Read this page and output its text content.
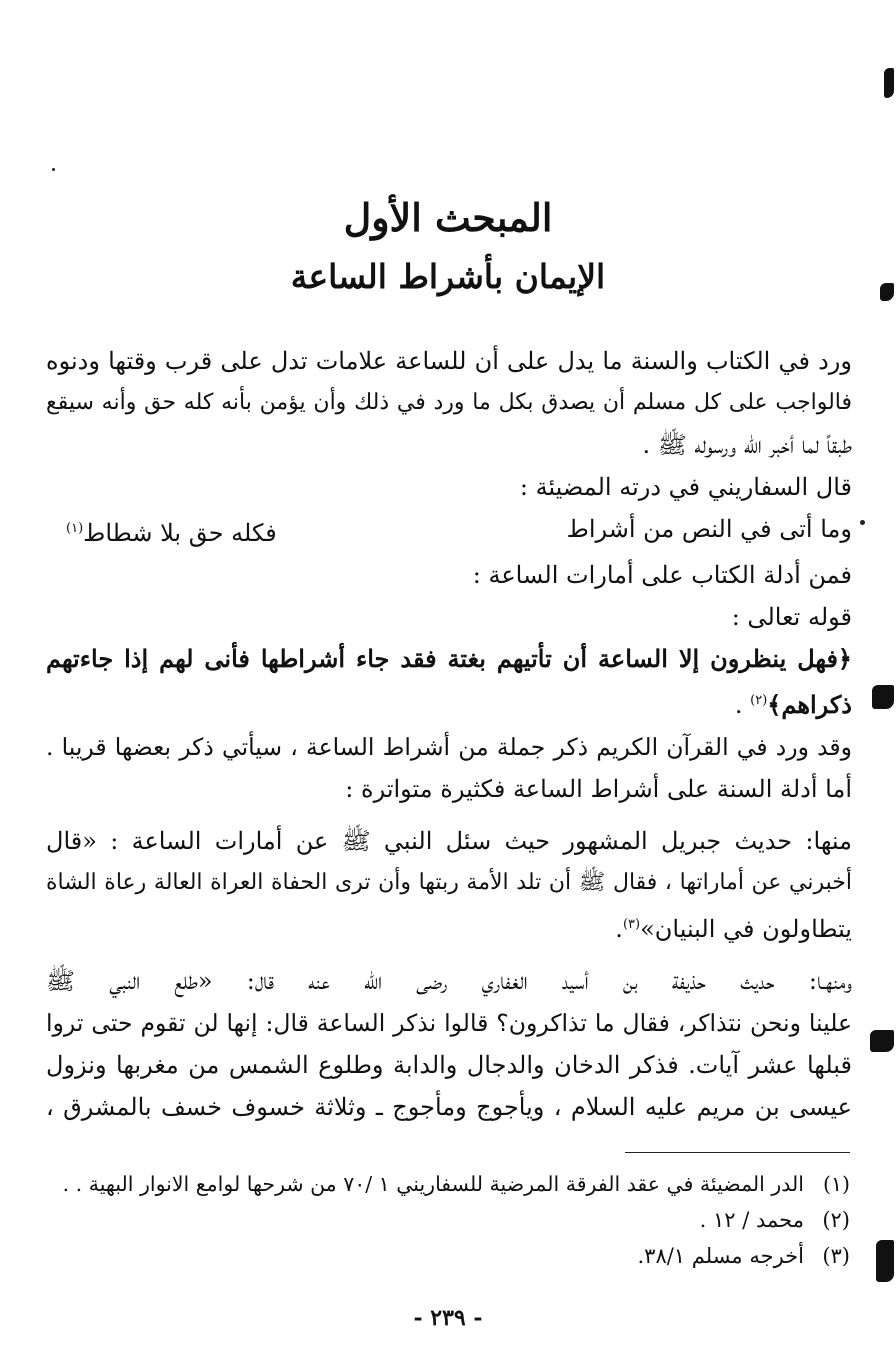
المبحث الأول
الإيمان بأشراط الساعة
ورد في الكتاب والسنة ما يدل على أن للساعة علامات تدل على قرب وقتها ودنوه
فالواجب على كل مسلم أن يصدق بكل ما ورد في ذلك وأن يؤمن بأنه كله حق وأنه سيقع
طبقاً لما أخبر الله ورسوله ﷺ .
قال السفاريني في درته المضيئة :
وما أتى في النص من أشراط
فكله حق بلا شطاط(١)
فمن أدلة الكتاب على أمارات الساعة :
قوله تعالى :
﴿فهل ينظرون إلا الساعة أن تأتيهم بغتة فقد جاء أشراطها فأنى لهم إذا جاءتهم
ذكراهم﴾$^{(٢)}$ .
وقد ورد في القرآن الكريم ذكر جملة من أشراط الساعة ، سيأتي ذكر بعضها قريبا .
أما أدلة السنة على أشراط الساعة فكثيرة متواترة :
منها: حديث جبريل المشهور حيث سئل النبي ﷺ عن أمارات الساعة : «قال
أخبرني عن أماراتها ، فقال ﷺ أن تلد الأمة ربتها وأن ترى الحفاة العراة العالة رعاة الشاة
يتطاولون في البنيان»$^{(٣)}$.
ومنهـا: حديث حذيفة بن أسيد الغفاري رضى الله عنه قال: «طلع النبي ﷺ
علينا ونحن نتذاكر، فقال ما تذاكرون؟ قالوا نذكر الساعة قال: إنها لن تقوم حتى تروا
قبلها عشر آيات. فذكر الدخان والدجال والدابة وطلوع الشمس من مغربها ونزول
عيسى بن مريم عليه السلام ، ويأجوج ومأجوج ـ وثلاثة خسوف خسف بالمشرق ،
(١)الدر المضيئة في عقد الفرقة المرضية للسفاريني ١ /٧٠ من شرحها لوامع الانوار البهية . .
(٢)محمد / ١٢ .
(٣)أخرجه مسلم ٣٨/١.
- ٢٣٩ -
